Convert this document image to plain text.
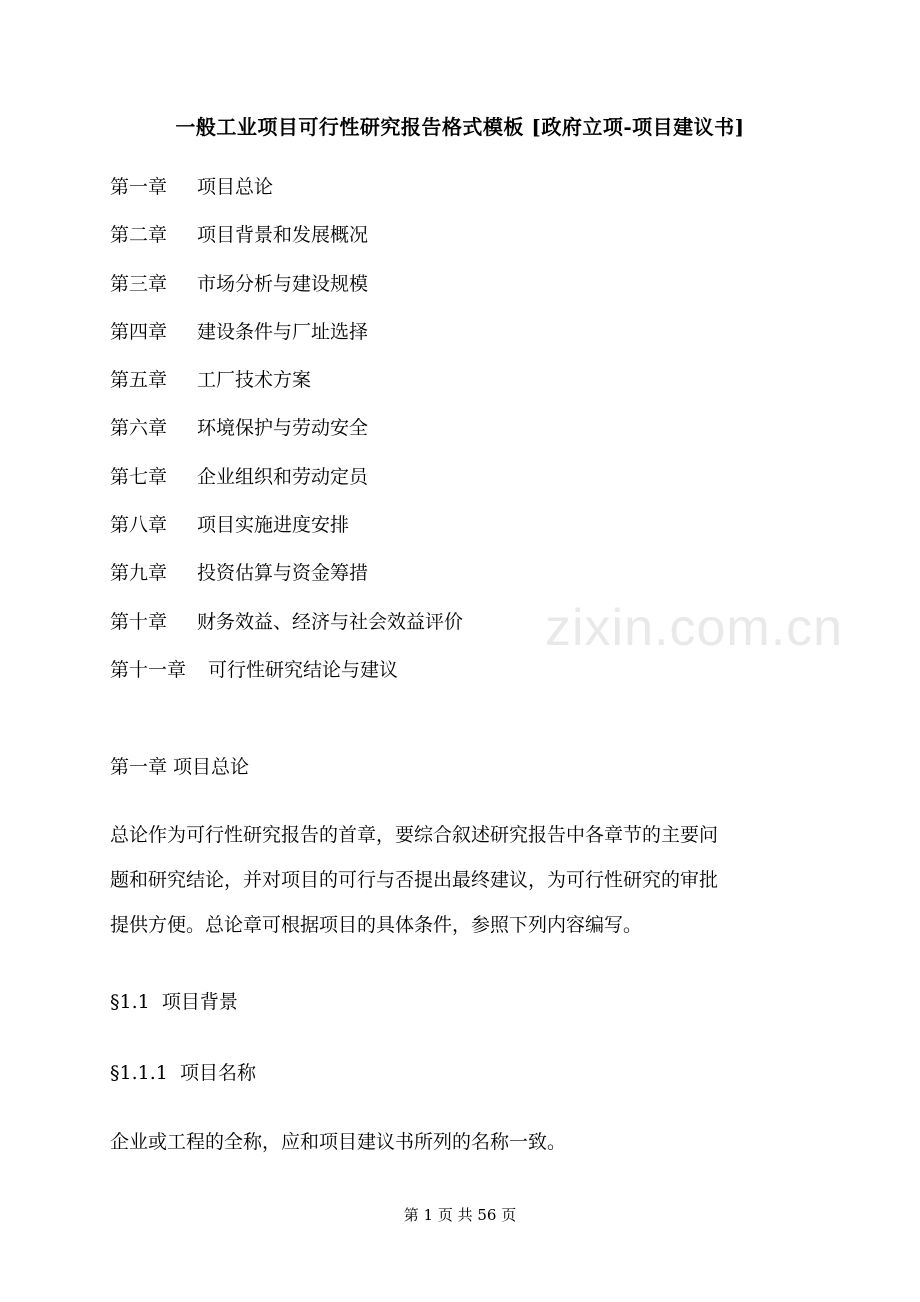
一般工业项目可行性研究报告格式模板 [政府立项-项目建议书]
第一章 项目总论
第二章 项目背景和发展概况
第三章 市场分析与建设规模
第四章 建设条件与厂址选择
第五章 工厂技术方案
第六章 环境保护与劳动安全
第七章 企业组织和劳动定员
第八章 项目实施进度安排
第九章 投资估算与资金筹措
第十章 财务效益、经济与社会效益评价
第十一章 可行性研究结论与建议
zixin.com.cn
第一章 项目总论
总论作为可行性研究报告的首章，要综合叙述研究报告中各章节的主要问
题和研究结论，并对项目的可行与否提出最终建议，为可行性研究的审批
提供方便。总论章可根据项目的具体条件，参照下列内容编写。
§1.1 项目背景
§1.1.1 项目名称
企业或工程的全称，应和项目建议书所列的名称一致。
第 1 页 共 56 页
